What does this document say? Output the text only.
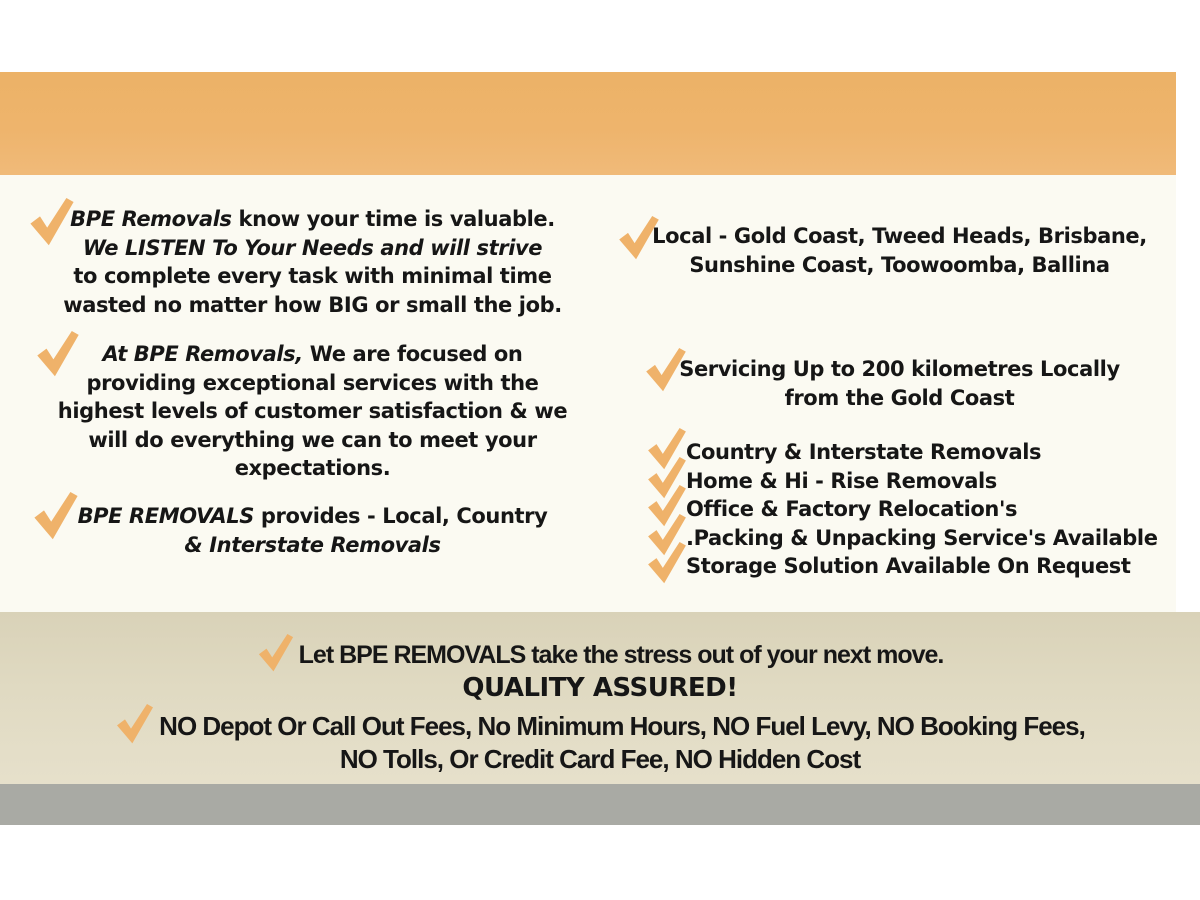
BPE Removals know your time is valuable.
We LISTEN To Your Needs and will strive
to complete every task with minimal time
wasted no matter how BIG or small the job.
At BPE Removals, We are focused on
providing exceptional services with the
highest levels of customer satisfaction & we
will do everything we can to meet your
expectations.
BPE REMOVALS provides - Local, Country
& Interstate Removals
Local - Gold Coast, Tweed Heads, Brisbane,
Sunshine Coast, Toowoomba, Ballina
Servicing Up to 200 kilometres Locally
from the Gold Coast
Country & Interstate Removals
Home & Hi - Rise Removals
Office & Factory Relocation's
.Packing & Unpacking Service's Available
Storage Solution Available On Request
Let BPE REMOVALS take the stress out of your next move.
QUALITY ASSURED!
NO Depot Or Call Out Fees, No Minimum Hours, NO Fuel Levy, NO Booking Fees,
NO Tolls, Or Credit Card Fee, NO Hidden Cost
